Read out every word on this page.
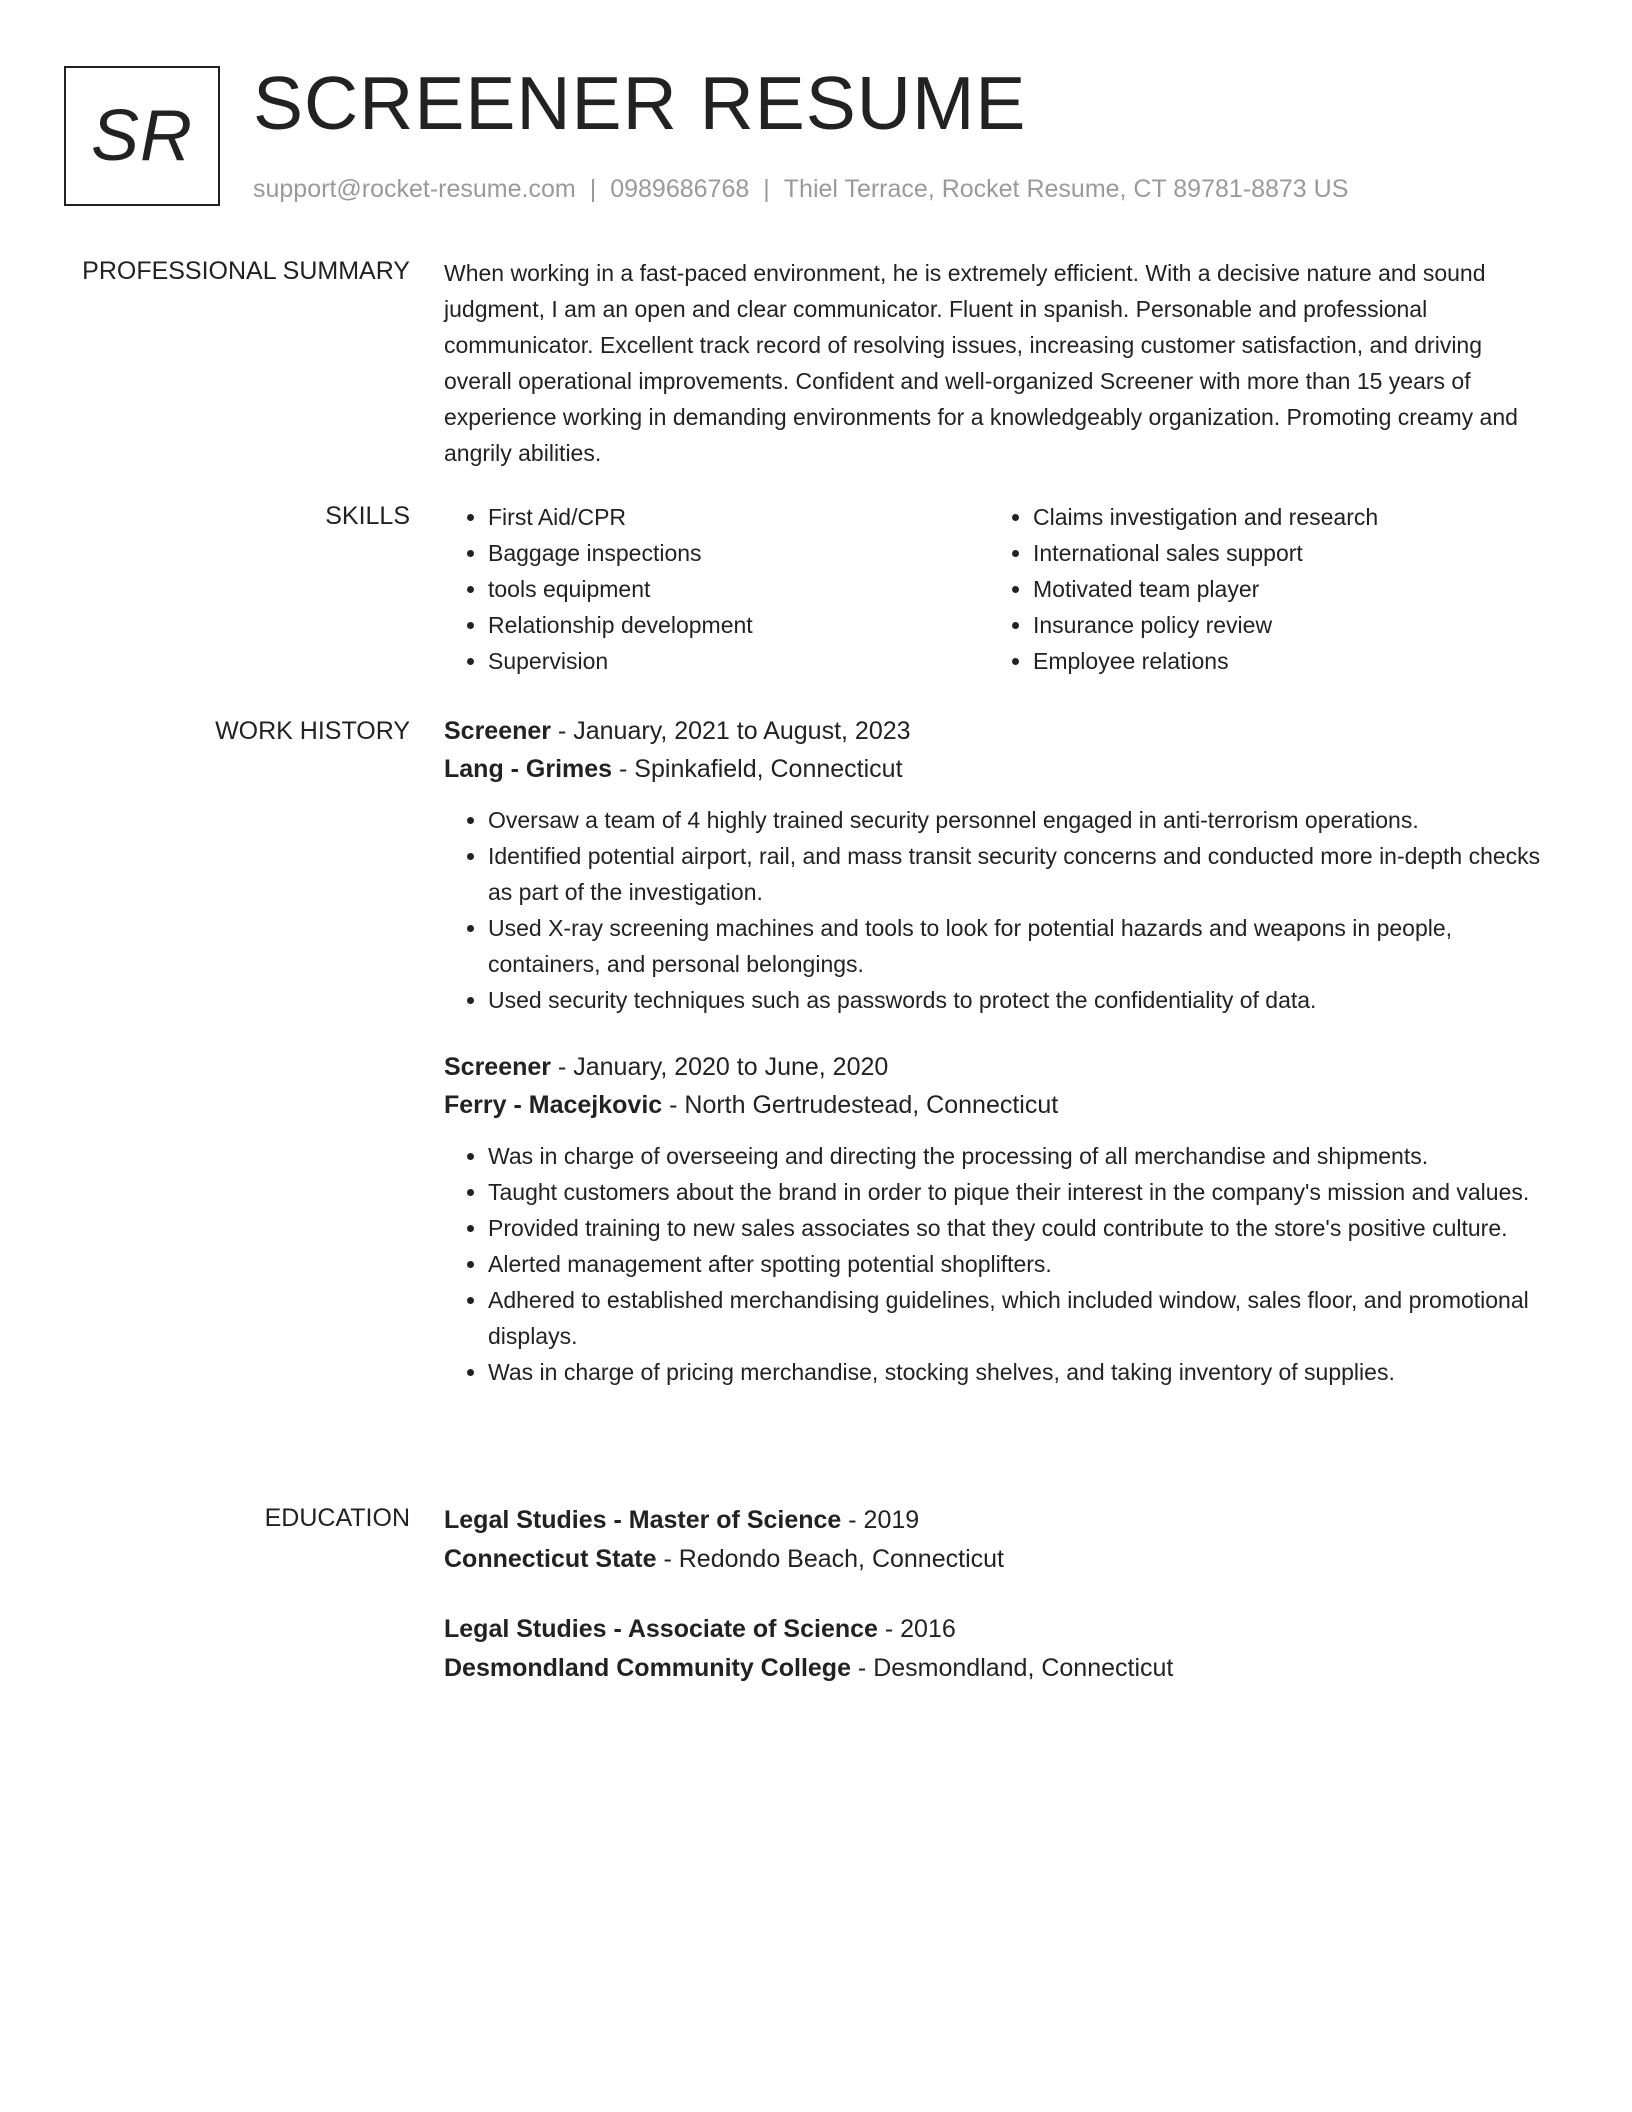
SR SCREENER RESUME
support@rocket-resume.com | 0989686768 | Thiel Terrace, Rocket Resume, CT 89781-8873 US
PROFESSIONAL SUMMARY When working in a fast-paced environment, he is extremely efficient. With a decisive nature and sound judgment, I am an open and clear communicator. Fluent in spanish. Personable and professional communicator. Excellent track record of resolving issues, increasing customer satisfaction, and driving overall operational improvements. Confident and well-organized Screener with more than 15 years of experience working in demanding environments for a knowledgeably organization. Promoting creamy and angrily abilities.

SKILLS
•	First Aid/CPR
• Baggage inspections
• tools equipment
• Relationship development
• Supervision
• Claims investigation and research
• International sales support
• Motivated team player
• Insurance policy review
• Employee relations
WORK HISTORY Screener - January, 2021 to August, 2023
Lang - Grimes - Spinkafield, Connecticut
• Oversaw a team of 4 highly trained security personnel engaged in anti-terrorism operations.
• Identified potential airport, rail, and mass transit security concerns and conducted more in-depth checks as part of the investigation.
• Used X-ray screening machines and tools to look for potential hazards and weapons in people, containers, and personal belongings.
• Used security techniques such as passwords to protect the confidentiality of data.
Screener - January, 2020 to June, 2020
Ferry - Macejkovic - North Gertrudestead, Connecticut
• Was in charge of overseeing and directing the processing of all merchandise and shipments.
• Taught customers about the brand in order to pique their interest in the company's mission and values.
• Provided training to new sales associates so that they could contribute to the store's positive culture.
• Alerted management after spotting potential shoplifters.
• Adhered to established merchandising guidelines, which included window, sales floor, and promotional displays.
• Was in charge of pricing merchandise, stocking shelves, and taking inventory of supplies.
EDUCATION Legal Studies - Master of Science - 2019
Connecticut State - Redondo Beach, Connecticut
Legal Studies - Associate of Science - 2016
Desmondland Community College - Desmondland, Connecticut
